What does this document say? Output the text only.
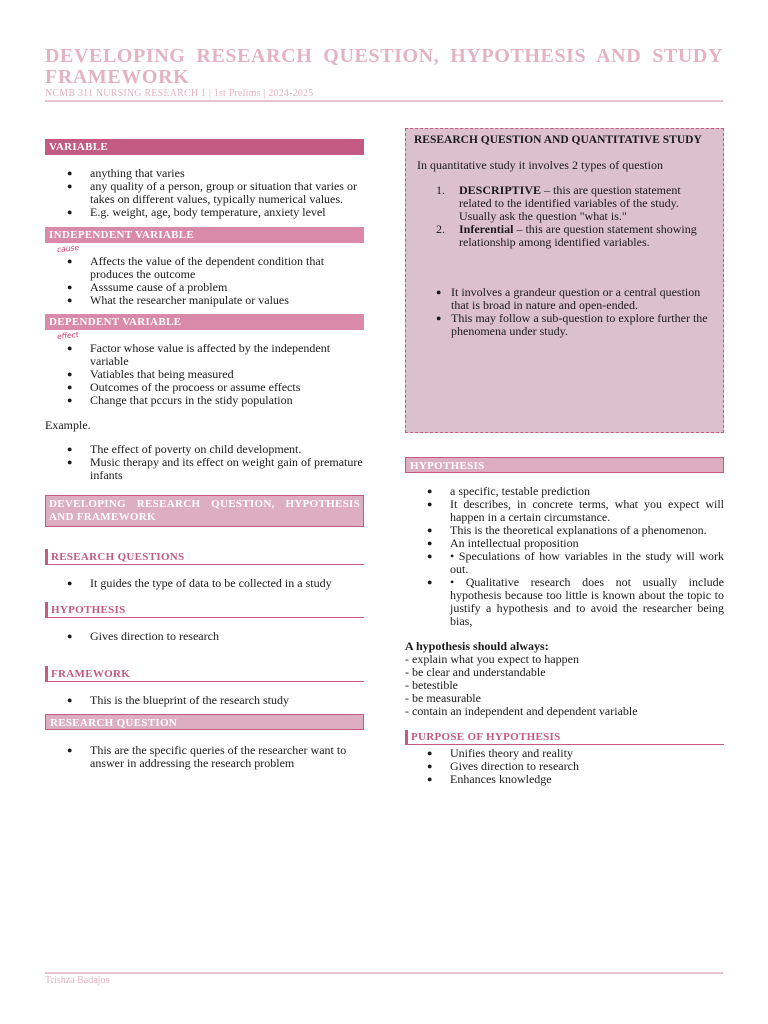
DEVELOPING RESEARCH QUESTION, HYPOTHESIS AND STUDY
FRAMEWORK
NCMB 311 NURSING RESEARCH 1 | 1st Prelims | 2024-2025
VARIABLE
● anything that varies
● any quality of a person, group or situation that varies or takes on different values, typically numerical values.
● E.g. weight, age, body temperature, anxiety level
INDEPENDENT VARIABLE
cause
● Affects the value of the dependent condition that produces the outcome
● Asssume cause of a problem
● What the researcher manipulate or values
DEPENDENT VARIABLE
effect
● Factor whose value is affected by the independent variable
● Vatiables that being measured
● Outcomes of the procoess or assume effects
● Change that pccurs in the stidy population

Example.

● The effect of poverty on child development.
● Music therapy and its effect on weight gain of premature infants
DEVELOPING RESEARCH QUESTION, HYPOTHESIS AND FRAMEWORK
RESEARCH QUESTIONS
● It guides the type of data to be collected in a study
HYPOTHESIS
● Gives direction to research
FRAMEWORK
● This is the blueprint of the research study
RESEARCH QUESTION
● This are the specific queries of the researcher want to answer in addressing the research problem
RESEARCH QUESTION AND QUANTITATIVE STUDY

In quantitative study it involves 2 types of question

1. DESCRIPTIVE – this are question statement related to the identified variables of the study. Usually ask the question "what is."
2. Inferential – this are question statement showing relationship among identified variables.
● It involves a grandeur question or a central question that is broad in nature and open-ended.
● This may follow a sub-question to explore further the phenomena under study.
HYPOTHESIS
● a specific, testable prediction
● It describes, in concrete terms, what you expect will happen in a certain circumstance.
● This is the theoretical explanations of a phenomenon.
● An intellectual proposition
● • Speculations of how variables in the study will work out.
● • Qualitative research does not usually include hypothesis because too little is known about the topic to justify a hypothesis and to avoid the researcher being bias,

A hypothesis should always:

- explain what you expect to happen
- be clear and understandable
- betestible
- be measurable
- contain an independent and dependent variable
PURPOSE OF HYPOTHESIS
● Unifies theory and reality
● Gives direction to research
● Enhances knowledge
Trishza Badajos
